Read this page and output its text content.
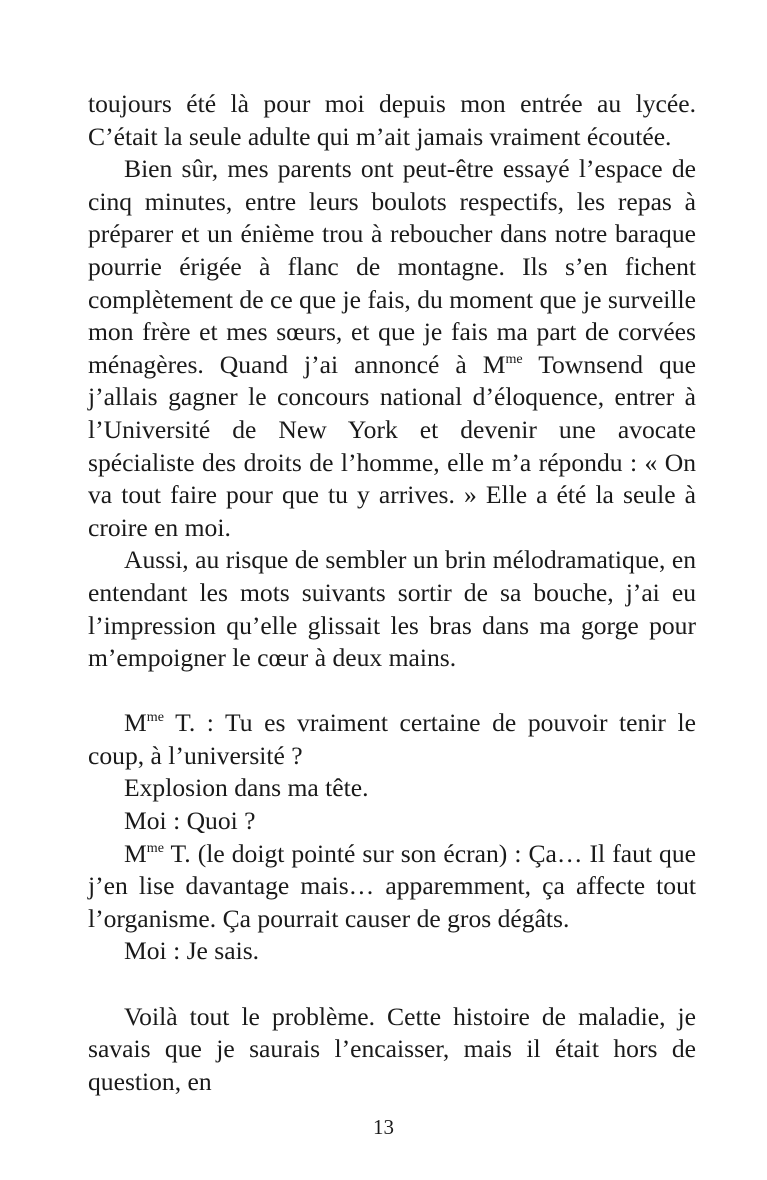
toujours été là pour moi depuis mon entrée au lycée. C’était la seule adulte qui m’ait jamais vraiment écoutée.

Bien sûr, mes parents ont peut-être essayé l’espace de cinq minutes, entre leurs boulots respectifs, les repas à préparer et un énième trou à reboucher dans notre baraque pourrie érigée à flanc de montagne. Ils s’en fichent complètement de ce que je fais, du moment que je surveille mon frère et mes sœurs, et que je fais ma part de corvées ménagères. Quand j’ai annoncé à $M^{me}$ Townsend que j’allais gagner le concours national d’éloquence, entrer à l’Université de New York et devenir une avocate spécialiste des droits de l’homme, elle m’a répondu : « On va tout faire pour que tu y arrives. » Elle a été la seule à croire en moi.

Aussi, au risque de sembler un brin mélodramatique, en entendant les mots suivants sortir de sa bouche, j’ai eu l’impression qu’elle glissait les bras dans ma gorge pour m’empoigner le cœur à deux mains.

$M^{me}$ T. : Tu es vraiment certaine de pouvoir tenir le coup, à l’université ?

Explosion dans ma tête.

Moi : Quoi ?

$M^{me}$ T. (le doigt pointé sur son écran) : Ça… Il faut que j’en lise davantage mais… apparemment, ça affecte tout l’organisme. Ça pourrait causer de gros dégâts.

Moi : Je sais.

Voilà tout le problème. Cette histoire de maladie, je savais que je saurais l’encaisser, mais il était hors de question, en

13
